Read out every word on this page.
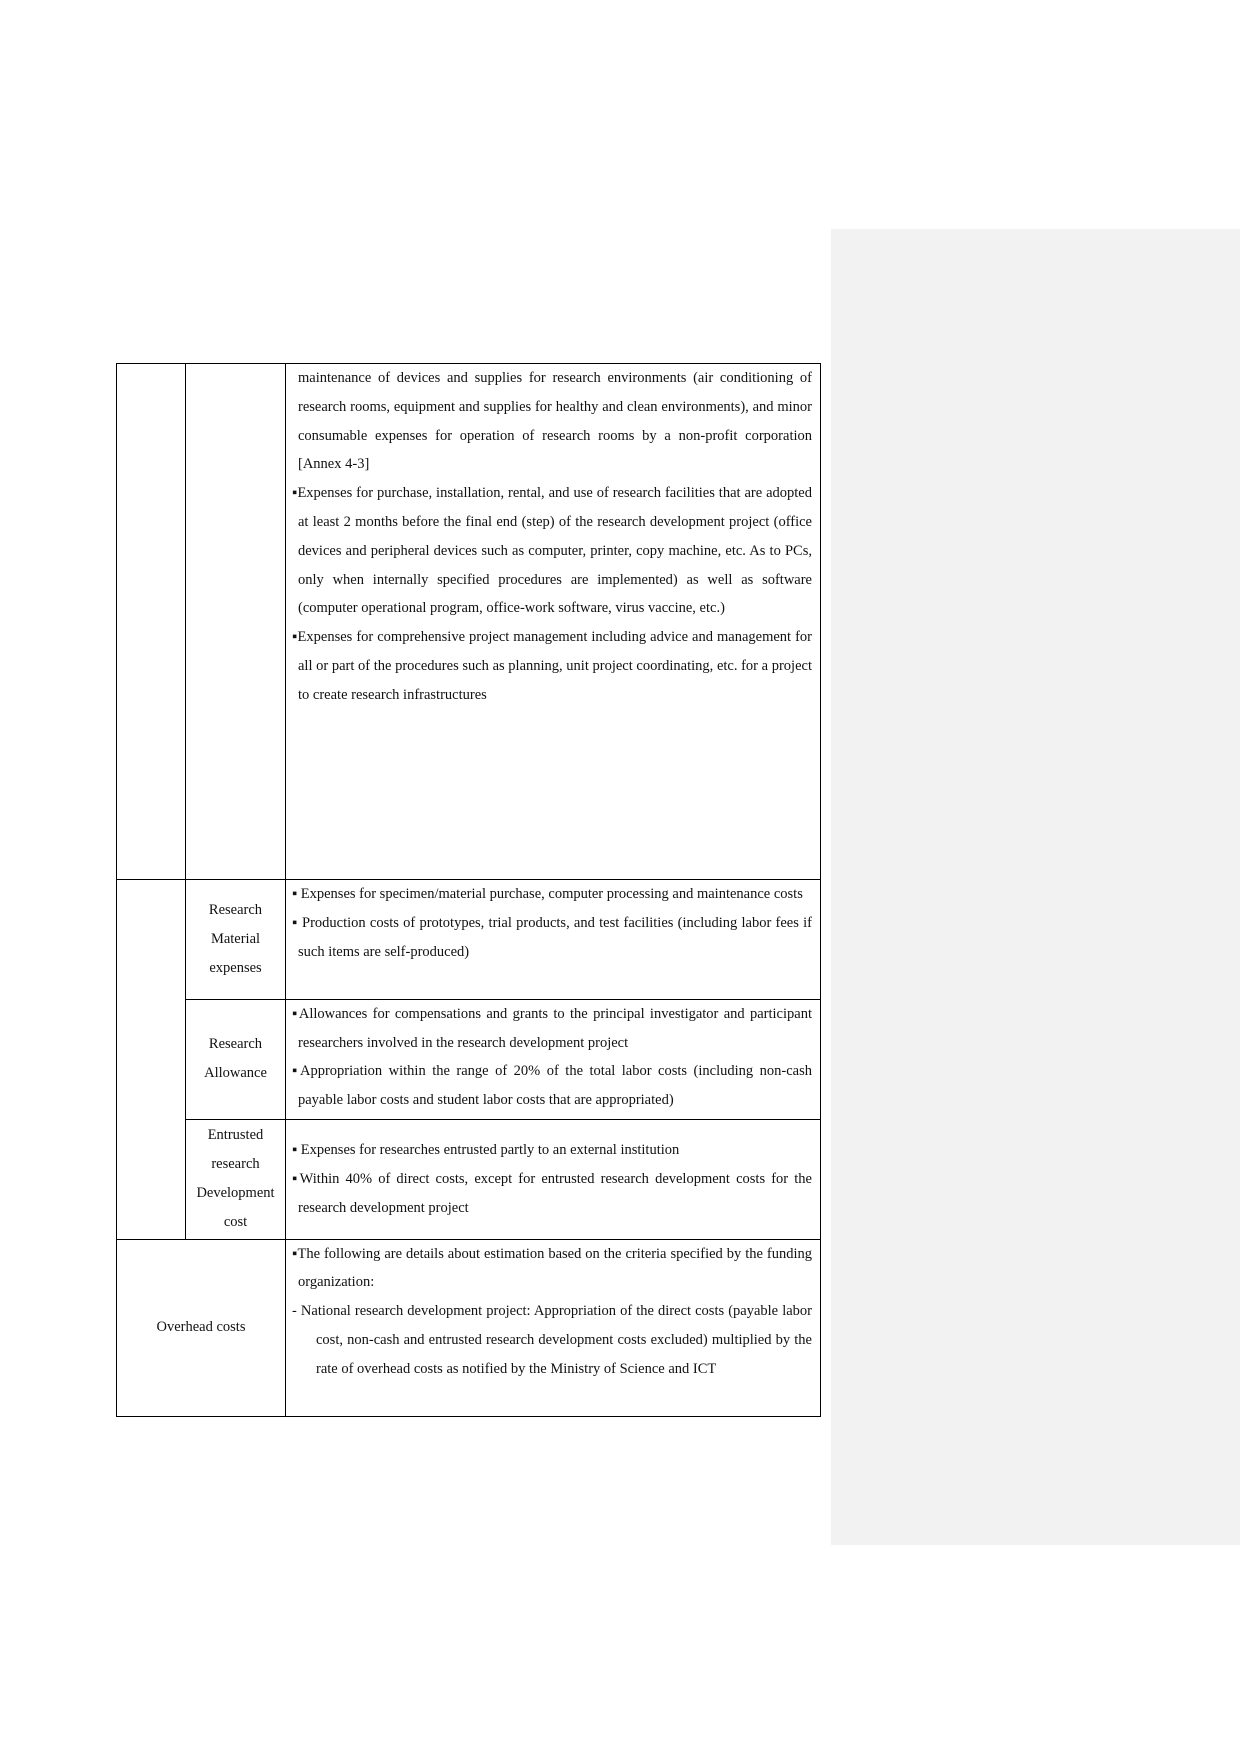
		maintenance of devices and supplies for research environments (air conditioning of research rooms, equipment and supplies for healthy and clean environments), and minor consumable expenses for operation of research rooms by a non-profit corporation [Annex 4-3]

▪Expenses for purchase, installation, rental, and use of research facilities that are adopted at least 2 months before the final end (step) of the research development project (office devices and peripheral devices such as computer, printer, copy machine, etc. As to PCs, only when internally specified procedures are implemented) as well as software (computer operational program, office-work software, virus vaccine, etc.)

▪Expenses for comprehensive project management including advice and management for all or part of the procedures such as planning, unit project coordinating, etc. for a project to create research infrastructures

	Research Material expenses	▪ Expenses for specimen/material purchase, computer processing and maintenance costs

▪ Production costs of prototypes, trial products, and test facilities (including labor fees if such items are self-produced)

	Research Allowance	▪Allowances for compensations and grants to the principal investigator and participant researchers involved in the research development project

▪Appropriation within the range of 20% of the total labor costs (including non-cash payable labor costs and student labor costs that are appropriated)

	Entrusted research Development cost	▪ Expenses for researches entrusted partly to an external institution

▪Within 40% of direct costs, except for entrusted research development costs for the research development project

Overhead costs		▪The following are details about estimation based on the criteria specified by the funding organization:

- National research development project: Appropriation of the direct costs (payable labor cost, non-cash and entrusted research development costs excluded) multiplied by the rate of overhead costs as notified by the Ministry of Science and ICT
